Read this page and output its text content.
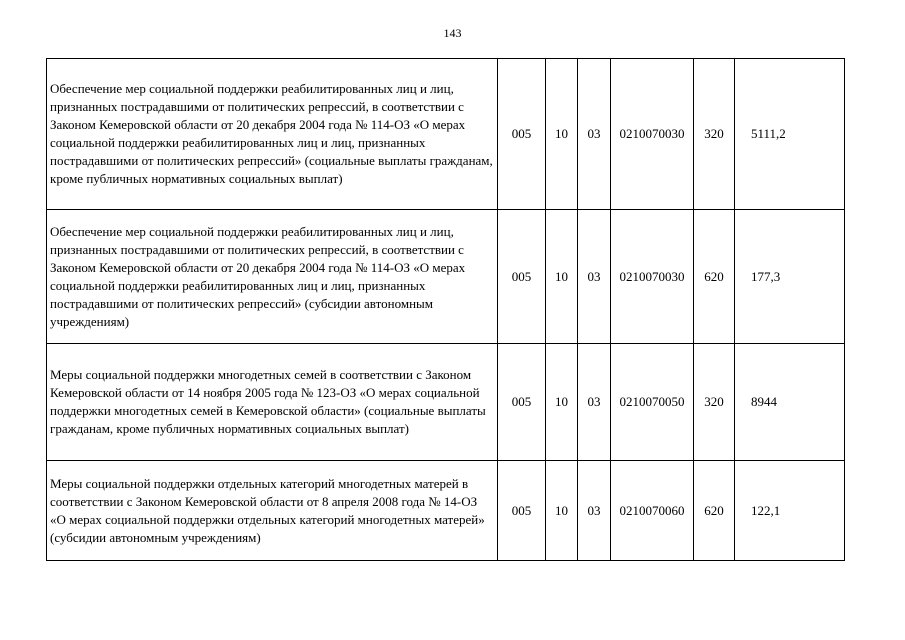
143
Обеспечение мер социальной поддержки реабилитированных лиц и лиц, признанных пострадавшими от политических репрессий, в соответствии с Законом Кемеровской области от 20 декабря 2004 года № 114-ОЗ «О мерах социальной поддержки реабилитированных лиц и лиц, признанных пострадавшими от политических репрессий» (социальные выплаты гражданам, кроме публичных нормативных социальных выплат)	005	10	03	0210070030	320	5111,2
Обеспечение мер социальной поддержки реабилитированных лиц и лиц, признанных пострадавшими от политических репрессий, в соответствии с Законом Кемеровской области от 20 декабря 2004 года № 114-ОЗ «О мерах социальной поддержки реабилитированных лиц и лиц, признанных пострадавшими от политических репрессий» (субсидии автономным учреждениям)	005	10	03	0210070030	620	177,3
Меры социальной поддержки многодетных семей в соответствии с Законом Кемеровской области от 14 ноября 2005 года № 123-ОЗ «О мерах социальной поддержки многодетных семей в Кемеровской области» (социальные выплаты гражданам, кроме публичных нормативных социальных выплат)	005	10	03	0210070050	320	8944
Меры социальной поддержки отдельных категорий многодетных матерей в соответствии с Законом Кемеровской области от 8 апреля 2008 года № 14-ОЗ «О мерах социальной поддержки отдельных категорий многодетных матерей» (субсидии автономным учреждениям)	005	10	03	0210070060	620	122,1
